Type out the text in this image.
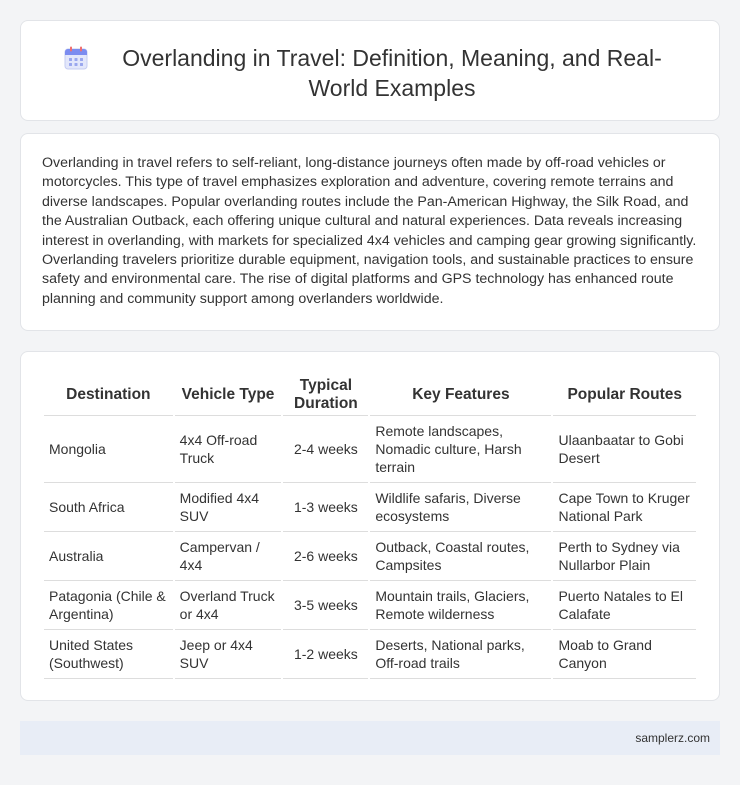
Overlanding in Travel: Definition, Meaning, and Real-World Examples

Overlanding in travel refers to self-reliant, long-distance journeys often made by off-road vehicles or motorcycles. This type of travel emphasizes exploration and adventure, covering remote terrains and diverse landscapes. Popular overlanding routes include the Pan-American Highway, the Silk Road, and the Australian Outback, each offering unique cultural and natural experiences. Data reveals increasing interest in overlanding, with markets for specialized 4x4 vehicles and camping gear growing significantly. Overlanding travelers prioritize durable equipment, navigation tools, and sustainable practices to ensure safety and environmental care. The rise of digital platforms and GPS technology has enhanced route planning and community support among overlanders worldwide.

Destination	Vehicle Type	Typical Duration	Key Features	Popular Routes
Mongolia	4x4 Off-road Truck	2-4 weeks	Remote landscapes, Nomadic culture, Harsh terrain	Ulaanbaatar to Gobi Desert
South Africa	Modified 4x4 SUV	1-3 weeks	Wildlife safaris, Diverse ecosystems	Cape Town to Kruger National Park
Australia	Campervan / 4x4	2-6 weeks	Outback, Coastal routes, Campsites	Perth to Sydney via Nullarbor Plain
Patagonia (Chile & Argentina)	Overland Truck or 4x4	3-5 weeks	Mountain trails, Glaciers, Remote wilderness	Puerto Natales to El Calafate
United States (Southwest)	Jeep or 4x4 SUV	1-2 weeks	Deserts, National parks, Off-road trails	Moab to Grand Canyon
samplerz.com
